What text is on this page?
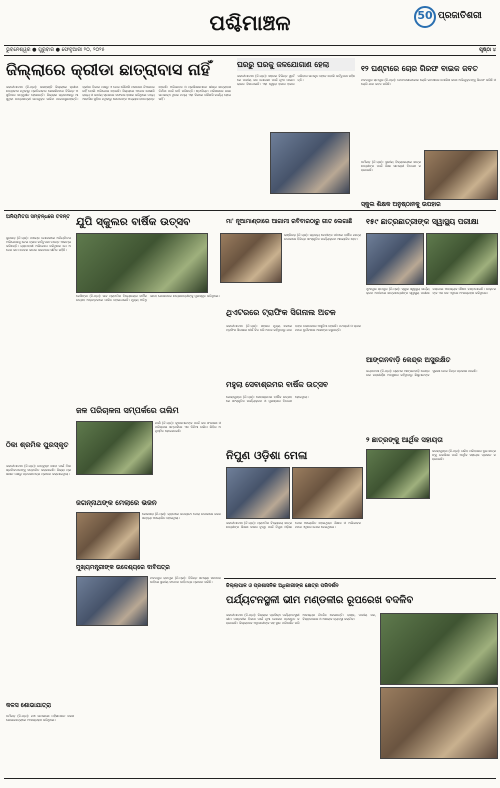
ପଶ୍ଚିମାଞ୍ଚଳ	50 ପ୍ରଜାତିଶରୀ
ଭୁବନେଶ୍ୱର ● ଗୁରୁବାର ● ଫେବୃଆରୀ ୨୦, ୨୦୨୫	ପୃଷ୍ଠା ୪
ଜିଲ୍ଲାରେ କ୍ରୀଡା ଛାତ୍ରାବାସ ନାହିଁ
ଭବାନୀପାଟଣା (ନି.ପ୍ର): କଳାହାଣ୍ଡି ଜିଲ୍ଲାରେ କ୍ରୀଡା ଛାତ୍ରାବାସ ନଥିବାରୁ ପ୍ରତିଭାବାନ ଖେଳାଳିମାନେ ବିଭିନ୍ନ ଅସୁବିଧାର ସମ୍ମୁଖୀନ ହେଉଛନ୍ତି। ଜିଲ୍ଲାର ଗ୍ରାମାଞ୍ଚଳରୁ ଆସୁଥିବା ଛାତ୍ରଛାତ୍ରୀ ଉପଯୁକ୍ତ ତାଲିମ ପାଇପାରୁନାହାନ୍ତି। କ୍ରୀଡା ବିଭାଗ ପକ୍ଷରୁ ଏ ନେଇ କୌଣସି ପଦକ୍ଷେପ ନିଆଯାଇନାହିଁ ବୋଲି ଅଭିଯୋଗ ହୋଇଛି। ଜିଲ୍ଲାରେ ଅନେକ ଖେଳାଳି ରାଜ୍ୟ ଓ ଜାତୀୟ ସ୍ତରରେ ସଫଳତା ହାସଲ କରିଥିଲେ ମଧ୍ୟ ଆବାସିକ ସୁବିଧା ନଥିବାରୁ ସେମାନଙ୍କ ଅଭ୍ୟାସ ବାଧାପ୍ରାପ୍ତ ହେଉଛି। ଅଭିଭାବକ ଓ ପ୍ରଶିକ୍ଷକମାନେ ଶୀଘ୍ର ଛାତ୍ରାବାସ ନିର୍ମାଣ ପାଇଁ ଦାବି କରିଛନ୍ତି। ଷ୍ଟାଡିୟମ ପରିସରରେ ଜାଗା ଉପଲବ୍ଧ ଥିଲେ ମଧ୍ୟ ଏହା ଦିଗରେ କୌଣସି କାର୍ଯ୍ୟ ହୋଇନାହିଁ।
ଘରରୁ ଘରକୁ ଜଳଯୋଗାଣ ହେଲା
ଭବାନୀପାଟଣା (ନି.ପ୍ର): ସହରର ବିଭିନ୍ନ ୱାର୍ଡରେ ପାନୀୟ ଜଳ ଯୋଗାଣ ପାଇଁ ନୂଆ ପାଇପ ଲାଇନ ବିଛାଯାଇଛି। ଏହା ଦ୍ୱାରା ହଜାର ହଜାର ପରିବାର ଉପକୃତ ହେବେ ବୋଲି କର୍ତ୍ତୃପକ୍ଷ କହିଛନ୍ତି।
୧୨ ଘଣ୍ଟାରେ ଚୋର ଗିରଫ ବାଇକ ଜବତ
ମଦନପୁର ରାମପୁର (ନି.ପ୍ର): ମୋଟରସାଇକେଲ ଚୋରି ଘଟଣାରେ ପୋଲିସ ଜଣେ ଅଭିଯୁକ୍ତଙ୍କୁ ଗିରଫ କରିଛି ଓ ଚୋରି ଯାନ ଜବତ କରିଛି।
ଧର୍ମଗଡ଼ (ନି.ପ୍ର): ସ୍ଥାନୀୟ ବିଦ୍ୟାଳୟରେ ଛାତ୍ରଛାତ୍ରୀଙ୍କ ପାଇଁ ଶିକ୍ଷା ସାମଗ୍ରୀ ବିତରଣ କରାଯାଇଛି।
ସ୍କୁଲ ଶିକ୍ଷକ ଅନୁଷ୍ଠାନକୁ ଉପହାର
ଅନିୟମିତତା ସମ୍ବନ୍ଧରେ ତଦନ୍ତ
ଜୁନାଗଡ଼ (ନି.ପ୍ର): ପଞ୍ଚାୟତ ଯୋଜନାରେ ଅନିୟମିତତା ଅଭିଯୋଗକୁ ନେଇ ବ୍ଲକ କର୍ତ୍ତୃପକ୍ଷ ତଦନ୍ତ ଆରମ୍ଭ କରିଛନ୍ତି। ଗ୍ରାମବାସୀ ଅଭିଯୋଗ କରିଥିଲେ ଯେ ଅନେକ କାମ କେବଳ କାଗଜ କଲମରେ ସୀମିତ ରହିଛି।
ଯୁପି ସ୍କୁଲର ବାର୍ଷିକ ଉତ୍ସବ
କେସିଙ୍ଗା (ନି.ପ୍ର): ଉଚ୍ଚ ପ୍ରାଥମିକ ବିଦ୍ୟାଳୟର ବାର୍ଷିକ ଉତ୍ସବ ଆଡ଼ମ୍ବରରେ ପାଳିତ ହୋଇଯାଇଛି। ମୁଖ୍ୟ ଅତିଥି ଭାବେ ଯୋଗଦେଇ ଛାତ୍ରଛାତ୍ରୀଙ୍କୁ ପୁରସ୍କୃତ କରିଥିଲେ।
ମା' ନୂଆମାଣ୍ଡାରେ ଆଗାମୀ ରବିବାରଠାରୁ ଗୀତ ଲେଗାଛି
ଲାଞ୍ଜିଗଡ଼ (ନି.ପ୍ର): ଗ୍ରାମ୍ୟ ଦେବୀଙ୍କ ପୀଠରେ ବାର୍ଷିକ ଯାତ୍ରା ଉପଲକ୍ଷେ ବିଭିନ୍ନ ସାଂସ୍କୃତିକ କାର୍ଯ୍ୟକ୍ରମ ଆୟୋଜିତ ହେବ।
୧୫୯ ଛାତ୍ରଛାତ୍ରୀଙ୍କ ସ୍ୱାସ୍ଥ୍ୟ ପରୀକ୍ଷା
ଥୁଆମୁଲ ରାମପୁର (ନି.ପ୍ର): ସ୍କୁଲ ସ୍ୱାସ୍ଥ୍ୟ କାର୍ଯ୍ୟକ୍ରମ ଅଧୀନରେ ଛାତ୍ରଛାତ୍ରୀଙ୍କ ସ୍ୱାସ୍ଥ୍ୟ ପରୀକ୍ଷା କରାଯାଇ ଆବଶ୍ୟକ ଔଷଧ ବଣ୍ଟାଯାଇଛି। ଡାକ୍ତରଙ୍କ ଏକ ଦଳ ଏଥିରେ ଅଂଶଗ୍ରହଣ କରିଥିଲେ।
ଥିଏଟରରେ ଟ୍ରାଫିକ ସିଗନାଲ ଅଚଳ
ଭବାନୀପାଟଣା (ନି.ପ୍ର): ସହରର ମୁଖ୍ୟ ଛକରେ ଟ୍ରାଫିକ ସିଗନାଲ ଦୀର୍ଘ ଦିନ ଧରି ଅଚଳ ରହିଥିବାରୁ ଯାନବାହନ ଚଳାଚଳରେ ଅସୁବିଧା ହେଉଛି। ପଥଚାରୀ ଓ ଚାଳକମାନେ ଦୁର୍ଘଟଣାର ଆଶଙ୍କା କରୁଛନ୍ତି।
ଜଳ ପରିଚାଳନା ସମ୍ପର୍କରେ ତାଲିମ
ନର୍ଲା (ନି.ପ୍ର): କୃଷକମାନଙ୍କ ପାଇଁ ଜଳ ସଂରକ୍ଷଣ ଓ ପରିଚାଳନା ସମ୍ପର୍କରେ ଏକ ଦିନିଆ ତାଲିମ ଶିବିର ଅନୁଷ୍ଠିତ ହୋଇଯାଇଛି।
ମହୁଲା ସେବାଶ୍ରମର ବାର୍ଷିକ ଉତ୍ସବ
ଗୋଲାମୁଣ୍ଡା (ନି.ପ୍ର): ସେବାଶ୍ରମର ବାର୍ଷିକ ଉତ୍ସବରେ ସାଂସ୍କୃତିକ କାର୍ଯ୍ୟକ୍ରମ ଓ ପୁରସ୍କାର ବିତରଣ ହୋଇଥିଲା।
ଆଙ୍ଗନବାଡ଼ି କେନ୍ଦ୍ର ଅସୁରକ୍ଷିତ
ଜୟପାଟଣା (ନି.ପ୍ର): ଗ୍ରାମର ଆଙ୍ଗନବାଡ଼ି କେନ୍ଦ୍ର ଘର ଜରାଜୀର୍ଣ୍ଣ ଅବସ୍ଥାରେ ରହିଥିବାରୁ ଶିଶୁମାନଙ୍କ ସୁରକ୍ଷା ନେଇ ଚିନ୍ତା ପ୍ରକାଶ ପାଇଛି।
ଠିକା ଶ୍ରମିକ ପୁରସ୍କୃତ
ଭବାନୀପାଟଣା (ନି.ପ୍ର): ଉତ୍କୃଷ୍ଟ ସେବା ପାଇଁ ଠିକା ଶ୍ରମିକମାନଙ୍କୁ ସମ୍ମାନିତ କରାଯାଇଛି। ଜିଲ୍ଲା ପ୍ରଶାସନ ପକ୍ଷରୁ ପ୍ରମାଣପତ୍ର ପ୍ରଦାନ କରାଯାଇଥିଲା।
ନିପୁଣ ଓଡ଼ିଶା ମେଳା
ଭବାନୀପାଟଣା (ନି.ପ୍ର): ପ୍ରାଥମିକ ବିଦ୍ୟାଳୟ ଛାତ୍ରଛାତ୍ରୀଙ୍କ ଶିକ୍ଷଣ ଦକ୍ଷତା ବୃଦ୍ଧି ପାଇଁ ନିପୁଣ ଓଡ଼ିଶା ମେଳା ଆୟୋଜିତ ହୋଇଥିଲା। ଶିକ୍ଷକ ଓ ଅଭିଭାବକମାନେ ଏଥିରେ ଯୋଗ ଦେଇଥିଲେ।
୨ ଛାତ୍ରଙ୍କୁ ଆର୍ଥିକ ସହାୟତା
କରଲାମୁଣ୍ଡା (ନି.ପ୍ର): ଗରିବ ପରିବାରର ଦୁଇ ଛାତ୍ରଙ୍କୁ ଉଚ୍ଚଶିକ୍ଷା ପାଇଁ ଆର୍ଥିକ ସହାୟତା ପ୍ରଦାନ କରାଯାଇଛି।
ଜଗନ୍ନାଥଙ୍କ ମେଲାରେ ଭଜନ
କୋକସରା (ନି.ପ୍ର): ଗ୍ରାମରେ ଜଗନ୍ନାଥ ମେଲା ଉପଲକ୍ଷେ ଭଜନ ସନ୍ଧ୍ୟା ଆୟୋଜିତ ହୋଇଥିଲା।
ମୁଖ୍ୟମନ୍ତ୍ରୀଙ୍କ ଉଦ୍ଦେଶ୍ୟରେ ଦାବିପତ୍ର
ମଦନପୁର ରାମପୁର (ନି.ପ୍ର): ବିଭିନ୍ନ ସମସ୍ୟା ସମାଧାନ ଦାବିରେ ସ୍ଥାନୀୟ ସଂଗଠନ ଦାବିପତ୍ର ପ୍ରଦାନ କରିଛି।
ଜିଲ୍ଲାପାଳ ଓ ପ୍ରଶାସନିକ ଅଧିକାରୀଙ୍କ କ୍ଷେତ୍ର ପରିଦର୍ଶନ
ପର୍ଯ୍ୟଟନସ୍ଥଳୀ ଭୀମ ମଣ୍ଡଳୀର ରୂପରେଖ ବଦଳିବ
ଭବାନୀପାଟଣା (ନି.ପ୍ର): ଜିଲ୍ଲାର ପ୍ରସିଦ୍ଧ ପର୍ଯ୍ୟଟନସ୍ଥଳୀ ଭୀମ ମଣ୍ଡଳୀର ବିକାଶ ପାଇଁ ନୂଆ ଯୋଜନା ପ୍ରସ୍ତୁତ କରାଯାଇଛି। ଜିଲ୍ଲାପାଳ ଅଧିକାରୀଙ୍କ ସହ ସ୍ଥାନ ପରିଦର୍ଶନ କରି ଆବଶ୍ୟକ ନିର୍ଦ୍ଦେଶ ଦେଇଛନ୍ତି। ରାସ୍ତା, ପାନୀୟ ଜଳ, ବିଶ୍ରାମାଗାର ଓ ଆଲୋକ ବ୍ୟବସ୍ଥା କରାଯିବ।
କଳସ ଶୋଭାଯାତ୍ରା
ଧର୍ମଗଡ଼ (ନି.ପ୍ର): ଯଜ୍ଞ ଉପଲକ୍ଷେ ମହିଳାମାନେ କଳସ ଶୋଭାଯାତ୍ରାରେ ଅଂଶଗ୍ରହଣ କରିଥିଲେ।
